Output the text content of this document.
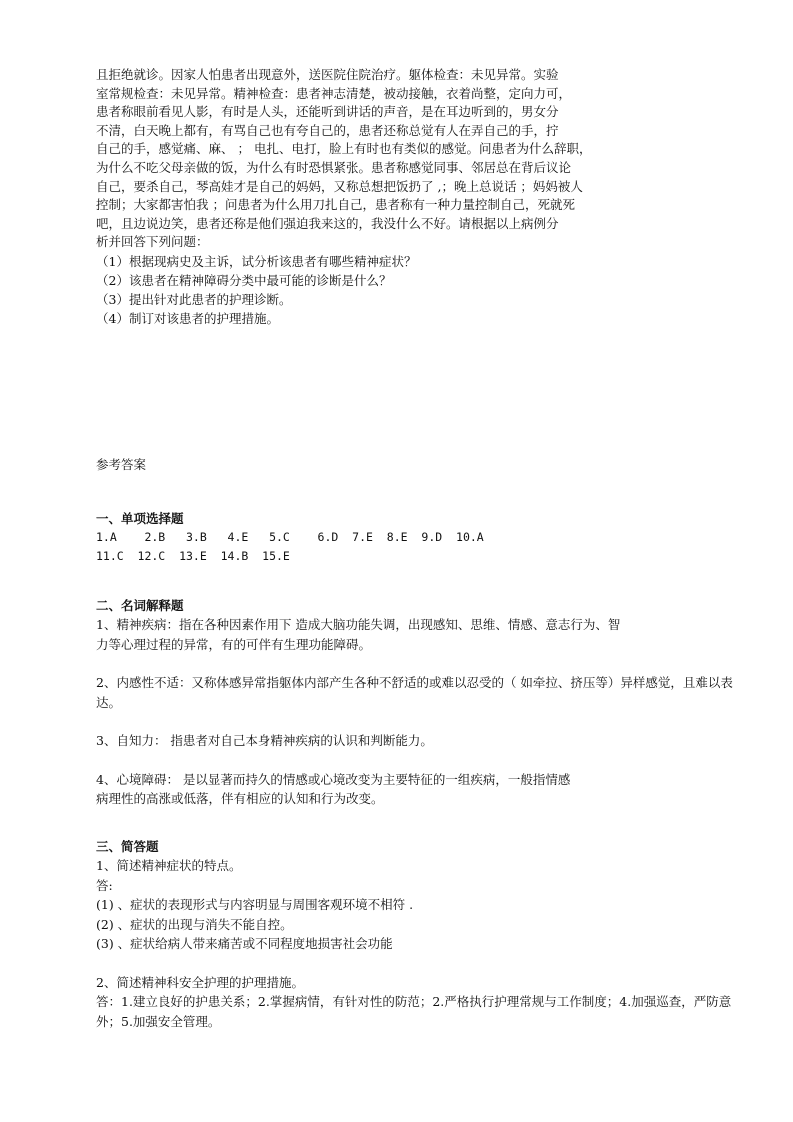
且拒绝就诊。因家人怕患者出现意外，送医院住院治疗。躯体检查：未见异常。实验

室常规检查：未见异常。精神检查：患者神志清楚，被动接触，衣着尚整，定向力可，

患者称眼前看见人影，有时是人头，还能听到讲话的声音，是在耳边听到的，男女分

不清，白天晚上都有，有骂自己也有夸自己的，患者还称总觉有人在弄自己的手，拧

自己的手，感觉痛、麻、 ； 电扎、电打，脸上有时也有类似的感觉。问患者为什么辞职，

为什么不吃父母亲做的饭，为什么有时恐惧紧张。患者称感觉同事、邻居总在背后议论

自己，要杀自己，琴高娃才是自己的妈妈，又称总想把饭扔了 ,；晚上总说话 ；妈妈被人

控制；大家都害怕我 ；问患者为什么用刀扎自己，患者称有一种力量控制自己，死就死

吧，且边说边笑，患者还称是他们强迫我来这的，我没什么不好。请根据以上病例分

析并回答下列问题：

（1）根据现病史及主诉，试分析该患者有哪些精神症状？

（2）该患者在精神障碍分类中最可能的诊断是什么？

（3）提出针对此患者的护理诊断。

（4）制订对该患者的护理措施。

参考答案

一、单项选择题

1.A    2.B   3.B   4.E   5.C    6.D  7.E  8.E  9.D  10.A

11.C  12.C  13.E  14.B  15.E

二、名词解释题

1、精神疾病：指在各种因素作用下 造成大脑功能失调，出现感知、思维、情感、意志行为、智

力等心理过程的异常，有的可伴有生理功能障碍。

2、内感性不适：又称体感异常指躯体内部产生各种不舒适的或难以忍受的（ 如牵拉、挤压等）异样感觉，且难以表达。

3、自知力： 指患者对自己本身精神疾病的认识和判断能力。

4、心境障碍： 是以显著而持久的情感或心境改变为主要特征的一组疾病，一般指情感

病理性的高涨或低落，伴有相应的认知和行为改变。

三、简答题

1、简述精神症状的特点。

答:

(1) 、症状的表现形式与内容明显与周围客观环境不相符 .

(2) 、症状的出现与消失不能自控。

(3) 、症状给病人带来痛苦或不同程度地损害社会功能

2、简述精神科安全护理的护理措施。

答：1.建立良好的护患关系；2.掌握病情，有针对性的防范；2.严格执行护理常规与工作制度；4.加强巡查，严防意外；5.加强安全管理。
